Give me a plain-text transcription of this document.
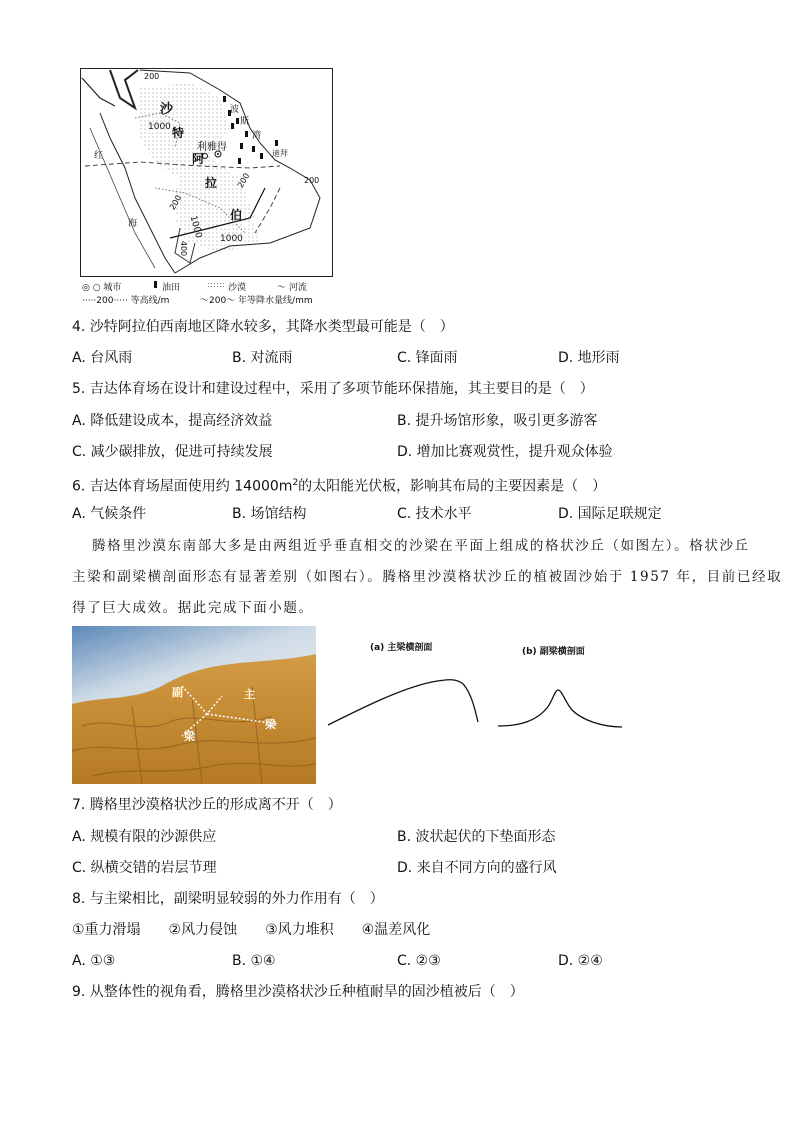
沙
特
阿
拉
伯
利雅得
迪拜
红
海
波
斯
湾
1000
1000 1000
200
200	200
200
400
◎ ○ 城市	油田	沙漠	～ 河流
·····200····· 等高线/m	～200～ 年等降水量线/mm
4. 沙特阿拉伯西南地区降水较多，其降水类型最可能是（　）
A. 台风雨	B. 对流雨	C. 锋面雨	D. 地形雨
5. 吉达体育场在设计和建设过程中，采用了多项节能环保措施，其主要目的是（　）
A. 降低建设成本，提高经济效益	B. 提升场馆形象，吸引更多游客
C. 减少碳排放，促进可持续发展	D. 增加比赛观赏性，提升观众体验
6. 吉达体育场屋面使用约 $14000m^2$的太阳能光伏板，影响其布局的主要因素是（　）
A. 气候条件	B. 场馆结构	C. 技术水平	D. 国际足联规定
腾格里沙漠东南部大多是由两组近乎垂直相交的沙梁在平面上组成的格状沙丘（如图左）。格状沙丘
主梁和副梁横剖面形态有显著差别（如图右）。腾格里沙漠格状沙丘的植被固沙始于 1957 年，目前已经取
得了巨大成效。据此完成下面小题。
副	主
梁
梁
(a) 主梁横剖面	(b) 副梁横剖面
7. 腾格里沙漠格状沙丘的形成离不开（　）
A. 规模有限的沙源供应	B. 波状起伏的下垫面形态
C. 纵横交错的岩层节理	D. 来自不同方向的盛行风
8. 与主梁相比，副梁明显较弱的外力作用有（　）
①重力滑塌　　②风力侵蚀　　③风力堆积　　④温差风化
A. ①③	B. ①④	C. ②③	D. ②④
9. 从整体性的视角看，腾格里沙漠格状沙丘种植耐旱的固沙植被后（　）
